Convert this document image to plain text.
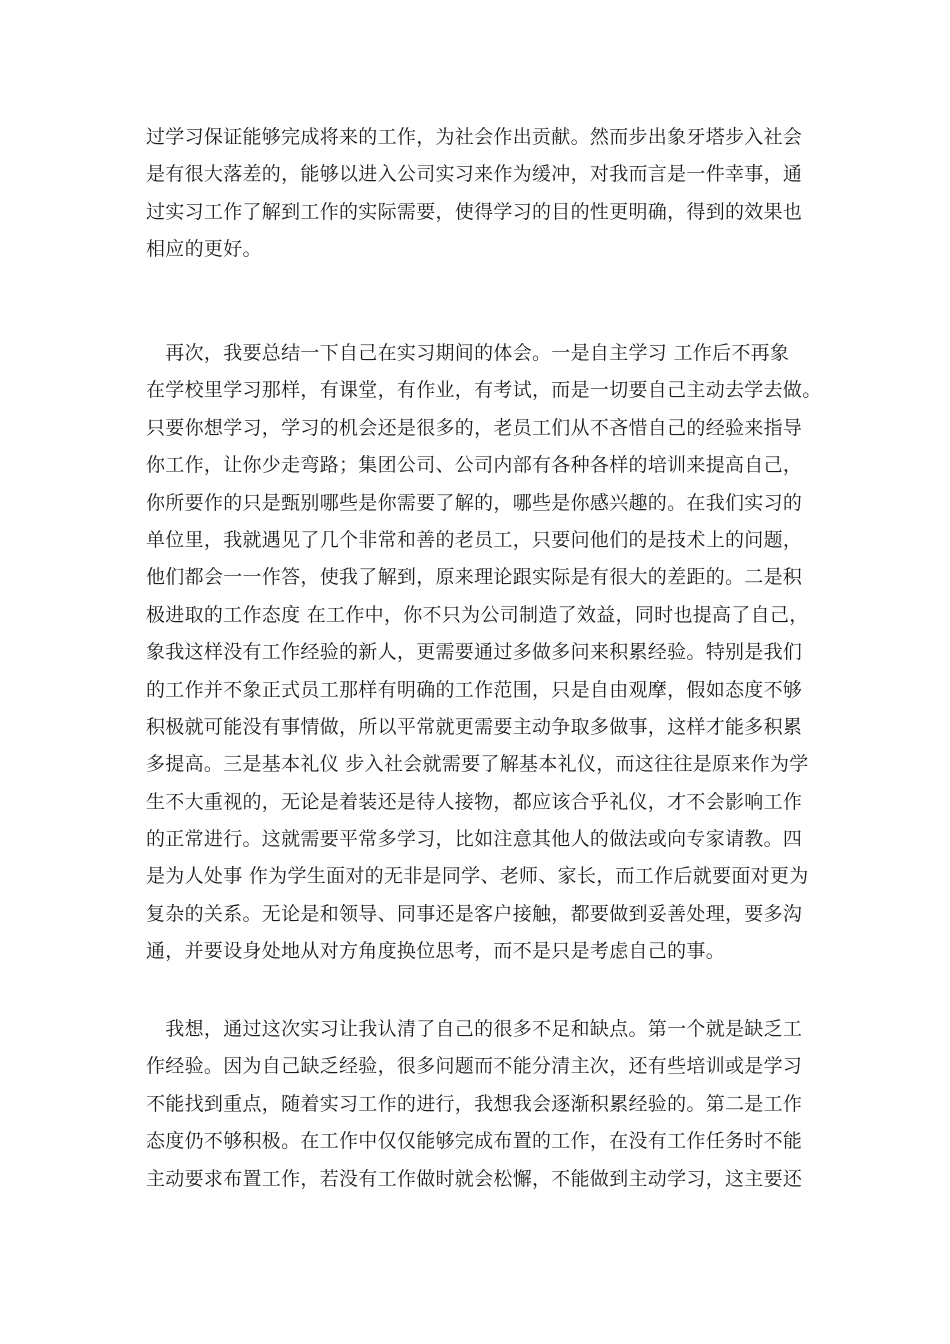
过学习保证能够完成将来的工作，为社会作出贡献。然而步出象牙塔步入社会
是有很大落差的，能够以进入公司实习来作为缓冲，对我而言是一件幸事，通
过实习工作了解到工作的实际需要，使得学习的目的性更明确，得到的效果也
相应的更好。
　再次，我要总结一下自己在实习期间的体会。一是自主学习 工作后不再象
在学校里学习那样，有课堂，有作业，有考试，而是一切要自己主动去学去做。
只要你想学习，学习的机会还是很多的，老员工们从不吝惜自己的经验来指导
你工作，让你少走弯路；集团公司、公司内部有各种各样的培训来提高自己，
你所要作的只是甄别哪些是你需要了解的，哪些是你感兴趣的。在我们实习的
单位里，我就遇见了几个非常和善的老员工，只要问他们的是技术上的问题，
他们都会一一作答，使我了解到，原来理论跟实际是有很大的差距的。二是积
极进取的工作态度 在工作中，你不只为公司制造了效益，同时也提高了自己，
象我这样没有工作经验的新人，更需要通过多做多问来积累经验。特别是我们
的工作并不象正式员工那样有明确的工作范围，只是自由观摩，假如态度不够
积极就可能没有事情做，所以平常就更需要主动争取多做事，这样才能多积累
多提高。三是基本礼仪 步入社会就需要了解基本礼仪，而这往往是原来作为学
生不大重视的，无论是着装还是待人接物，都应该合乎礼仪，才不会影响工作
的正常进行。这就需要平常多学习，比如注意其他人的做法或向专家请教。四
是为人处事 作为学生面对的无非是同学、老师、家长，而工作后就要面对更为
复杂的关系。无论是和领导、同事还是客户接触，都要做到妥善处理，要多沟
通，并要设身处地从对方角度换位思考，而不是只是考虑自己的事。
　我想，通过这次实习让我认清了自己的很多不足和缺点。第一个就是缺乏工
作经验。因为自己缺乏经验，很多问题而不能分清主次，还有些培训或是学习
不能找到重点，随着实习工作的进行，我想我会逐渐积累经验的。第二是工作
态度仍不够积极。在工作中仅仅能够完成布置的工作，在没有工作任务时不能
主动要求布置工作，若没有工作做时就会松懈，不能做到主动学习，这主要还
